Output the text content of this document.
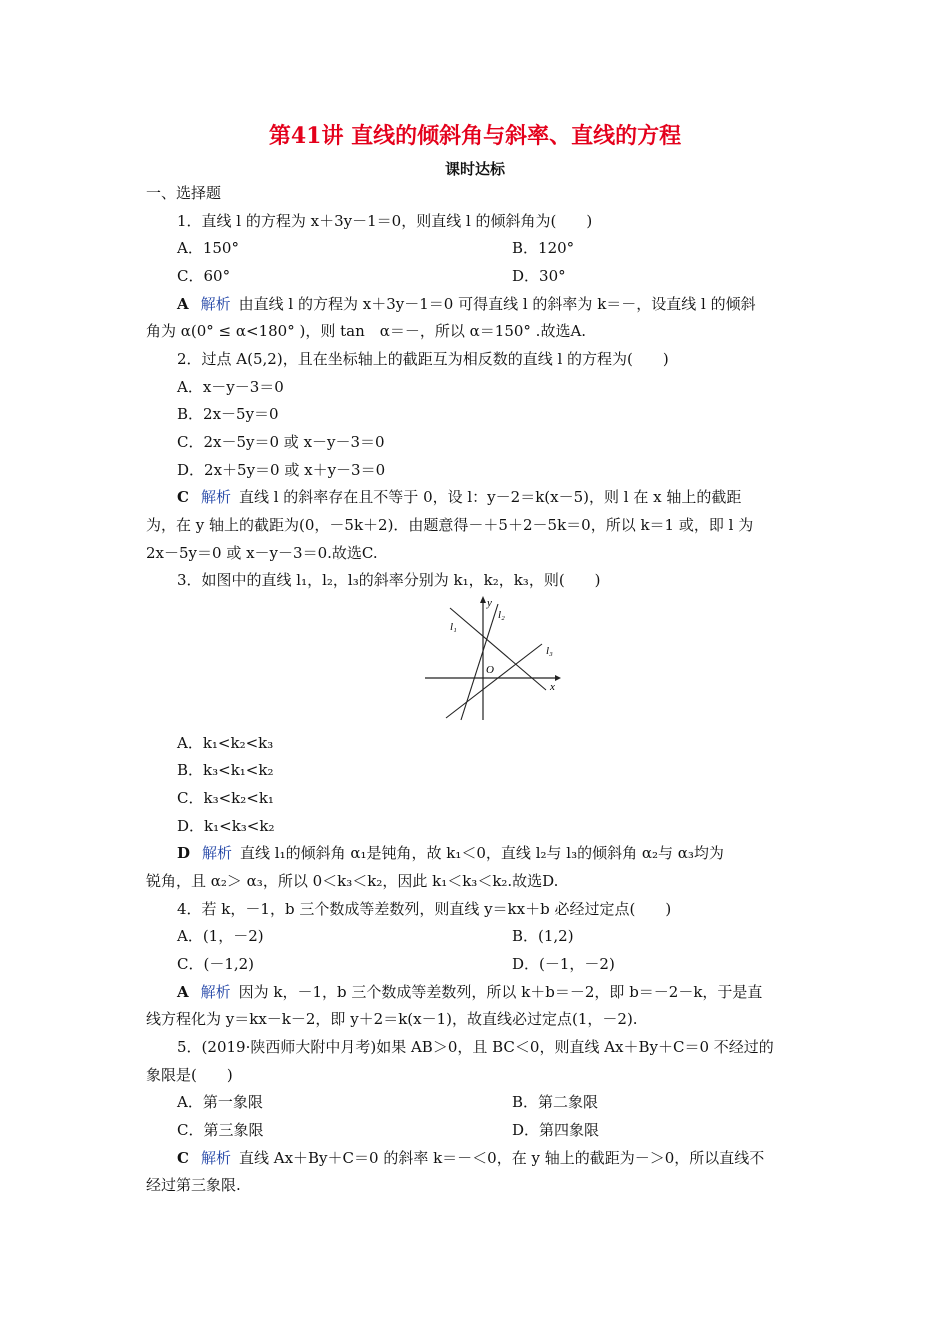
第41讲 直线的倾斜角与斜率、直线的方程
课时达标
一、选择题
1．直线 l 的方程为 x＋3y－1＝0，则直线 l 的倾斜角为(　　)
A．150°	B．120°
C．60°	D．30°
A 解析 由直线 l 的方程为 x＋3y－1＝0 可得直线 l 的斜率为 k＝－，设直线 l 的倾斜
角为 α(0° ≤ α<180° )，则 tan　α＝－，所以 α＝150° .故选A.
2．过点 A(5,2)，且在坐标轴上的截距互为相反数的直线 l 的方程为(　　)
A．x－y－3＝0
B．2x－5y＝0
C．2x－5y＝0 或 x－y－3＝0
D．2x＋5y＝0 或 x＋y－3＝0
C 解析 直线 l 的斜率存在且不等于 0，设 l：y－2＝k(x－5)，则 l 在 x 轴上的截距
为，在 y 轴上的截距为(0，－5k＋2)．由题意得－＋5＋2－5k＝0，所以 k＝1 或，即 l 为
2x－5y＝0 或 x－y－3＝0.故选C.
3．如图中的直线 l₁，l₂，l₃的斜率分别为 k₁，k₂，k₃，则(　　)
l₁
l₂
l₃
O
x
y
A．k₁<k₂<k₃
B．k₃<k₁<k₂
C．k₃<k₂<k₁
D．k₁<k₃<k₂
D 解析 直线 l₁的倾斜角 α₁是钝角，故 k₁＜0，直线 l₂与 l₃的倾斜角 α₂与 α₃均为
锐角，且 α₂＞ α₃，所以 0＜k₃＜k₂，因此 k₁＜k₃＜k₂.故选D.
4．若 k，－1，b 三个数成等差数列，则直线 y＝kx＋b 必经过定点(　　)
A．(1，－2)	B．(1,2)
C．(－1,2)	D．(－1，－2)
A 解析 因为 k，－1，b 三个数成等差数列，所以 k＋b＝－2，即 b＝－2－k，于是直
线方程化为 y＝kx－k－2，即 y＋2＝k(x－1)，故直线必过定点(1，－2).
5．(2019·陕西师大附中月考)如果 AB＞0，且 BC＜0，则直线 Ax＋By＋C＝0 不经过的
象限是(　　)
A．第一象限	B．第二象限
C．第三象限	D．第四象限
C 解析 直线 Ax＋By＋C＝0 的斜率 k＝－＜0，在 y 轴上的截距为－＞0，所以直线不
经过第三象限.
